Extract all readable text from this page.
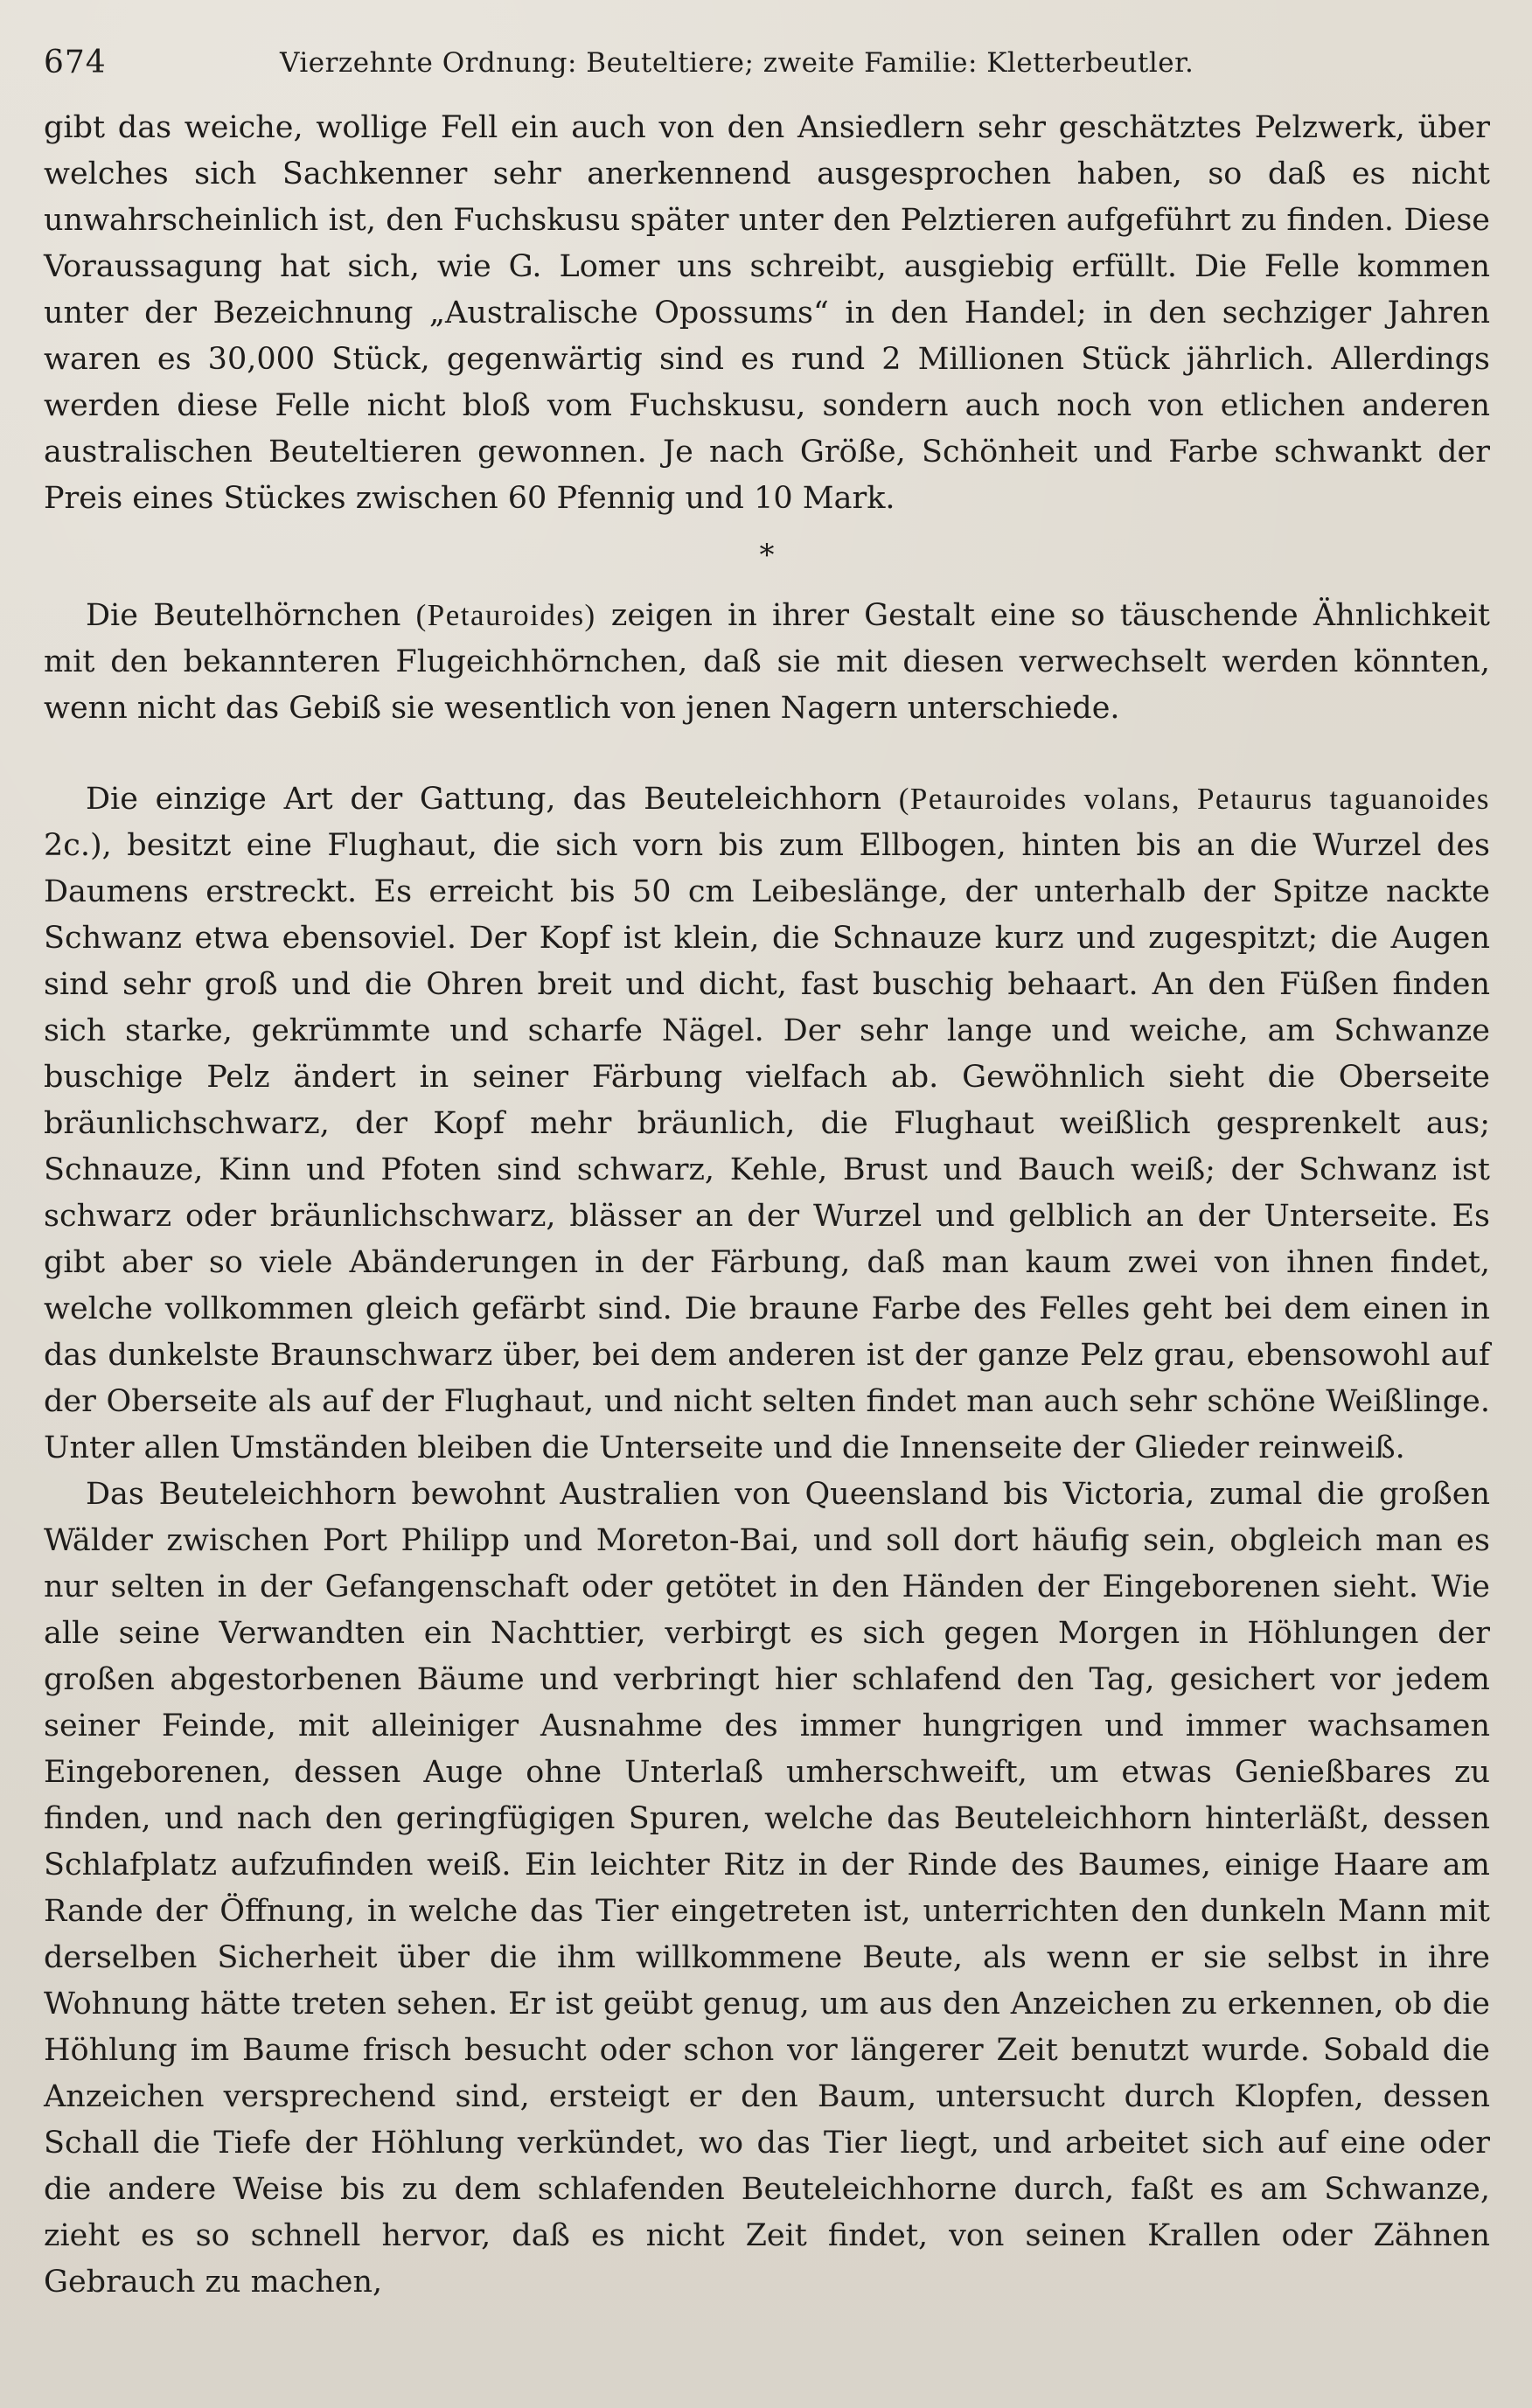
674	Vierzehnte Ordnung: Beuteltiere; zweite Familie: Kletterbeutler.

gibt das weiche, wollige Fell ein auch von den Ansiedlern sehr geschätztes Pelzwerk, über welches sich Sachkenner sehr anerkennend ausgesprochen haben, so daß es nicht unwahrscheinlich ist, den Fuchskusu später unter den Pelztieren aufgeführt zu finden. Diese Voraussagung hat sich, wie G. Lomer uns schreibt, ausgiebig erfüllt. Die Felle kommen unter der Bezeichnung „Australische Opossums“ in den Handel; in den sechziger Jahren waren es 30,000 Stück, gegenwärtig sind es rund 2 Millionen Stück jährlich. Allerdings werden diese Felle nicht bloß vom Fuchskusu, sondern auch noch von etlichen anderen australischen Beuteltieren gewonnen. Je nach Größe, Schönheit und Farbe schwankt der Preis eines Stückes zwischen 60 Pfennig und 10 Mark.

*

Die Beutelhörnchen (Petauroides) zeigen in ihrer Gestalt eine so täuschende Ähnlichkeit mit den bekannteren Flugeichhörnchen, daß sie mit diesen verwechselt werden könnten, wenn nicht das Gebiß sie wesentlich von jenen Nagern unterschiede.

Die einzige Art der Gattung, das Beuteleichhorn (Petauroides volans, Petaurus taguanoides 2c.), besitzt eine Flughaut, die sich vorn bis zum Ellbogen, hinten bis an die Wurzel des Daumens erstreckt. Es erreicht bis 50 cm Leibeslänge, der unterhalb der Spitze nackte Schwanz etwa ebensoviel. Der Kopf ist klein, die Schnauze kurz und zugespitzt; die Augen sind sehr groß und die Ohren breit und dicht, fast buschig behaart. An den Füßen finden sich starke, gekrümmte und scharfe Nägel. Der sehr lange und weiche, am Schwanze buschige Pelz ändert in seiner Färbung vielfach ab. Gewöhnlich sieht die Oberseite bräunlichschwarz, der Kopf mehr bräunlich, die Flughaut weißlich gesprenkelt aus; Schnauze, Kinn und Pfoten sind schwarz, Kehle, Brust und Bauch weiß; der Schwanz ist schwarz oder bräunlichschwarz, blässer an der Wurzel und gelblich an der Unterseite. Es gibt aber so viele Abänderungen in der Färbung, daß man kaum zwei von ihnen findet, welche vollkommen gleich gefärbt sind. Die braune Farbe des Felles geht bei dem einen in das dunkelste Braunschwarz über, bei dem anderen ist der ganze Pelz grau, ebensowohl auf der Oberseite als auf der Flughaut, und nicht selten findet man auch sehr schöne Weißlinge. Unter allen Umständen bleiben die Unterseite und die Innenseite der Glieder reinweiß.

Das Beuteleichhorn bewohnt Australien von Queensland bis Victoria, zumal die großen Wälder zwischen Port Philipp und Moreton-Bai, und soll dort häufig sein, obgleich man es nur selten in der Gefangenschaft oder getötet in den Händen der Eingeborenen sieht. Wie alle seine Verwandten ein Nachttier, verbirgt es sich gegen Morgen in Höhlungen der großen abgestorbenen Bäume und verbringt hier schlafend den Tag, gesichert vor jedem seiner Feinde, mit alleiniger Ausnahme des immer hungrigen und immer wachsamen Eingeborenen, dessen Auge ohne Unterlaß umherschweift, um etwas Genießbares zu finden, und nach den geringfügigen Spuren, welche das Beuteleichhorn hinterläßt, dessen Schlafplatz aufzufinden weiß. Ein leichter Ritz in der Rinde des Baumes, einige Haare am Rande der Öffnung, in welche das Tier eingetreten ist, unterrichten den dunkeln Mann mit derselben Sicherheit über die ihm willkommene Beute, als wenn er sie selbst in ihre Wohnung hätte treten sehen. Er ist geübt genug, um aus den Anzeichen zu erkennen, ob die Höhlung im Baume frisch besucht oder schon vor längerer Zeit benutzt wurde. Sobald die Anzeichen versprechend sind, ersteigt er den Baum, untersucht durch Klopfen, dessen Schall die Tiefe der Höhlung verkündet, wo das Tier liegt, und arbeitet sich auf eine oder die andere Weise bis zu dem schlafenden Beuteleichhorne durch, faßt es am Schwanze, zieht es so schnell hervor, daß es nicht Zeit findet, von seinen Krallen oder Zähnen Gebrauch zu machen,
